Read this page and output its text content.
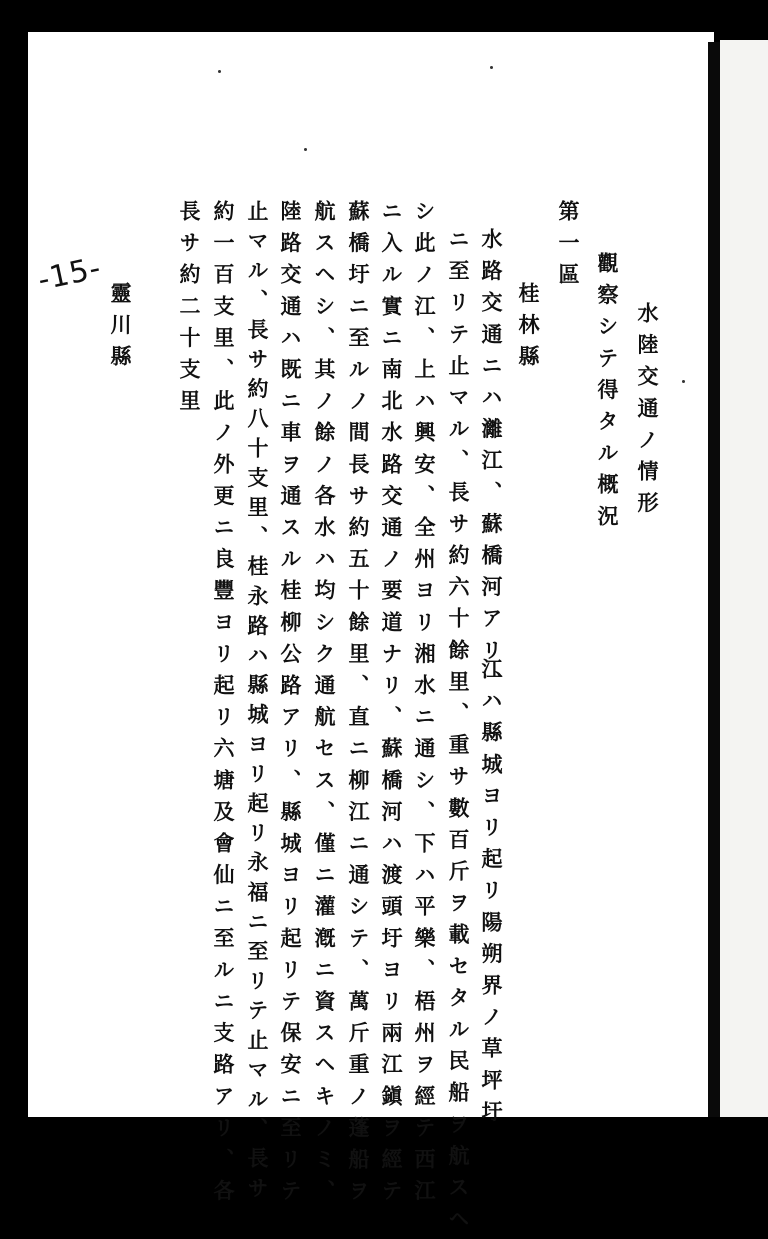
水陸交通ノ情形
觀察シテ得タル概況
第一區
桂林縣
水路交通ニハ灕江、蘇橋河アリ、
江ハ縣城ヨリ起リ陽朔界ノ草坪圩
ニ至リテ止マル、長サ約六十餘里、重サ數百斤ヲ載セタル民船ヲ航スヘ
シ此ノ江、上ハ興安、全州ヨリ湘水ニ通シ、下ハ平樂、梧州ヲ經テ西江
ニ入ル實ニ南北水路交通ノ要道ナリ、蘇橋河ハ渡頭圩ヨリ兩江鎭ヲ經テ
蘇橋圩ニ至ルノ間長サ約五十餘里、直ニ柳江ニ通シテ、萬斤重ノ蓬船ヲ
航スヘシ、其ノ餘ノ各水ハ均シク通航セス、僅ニ灌漑ニ資スヘキノミ、
陸路交通ハ既ニ車ヲ通スル桂柳公路アリ、縣城ヨリ起リテ保安ニ至リテ
止マル、長サ約八十支里、桂永路ハ縣城ヨリ起リ永福ニ至リテ止マル、長サ
約一百支里、此ノ外更ニ良豐ヨリ起リ六塘及會仙ニ至ルニ支路アリ、各
長サ約二十支里
靈川縣
-15-
